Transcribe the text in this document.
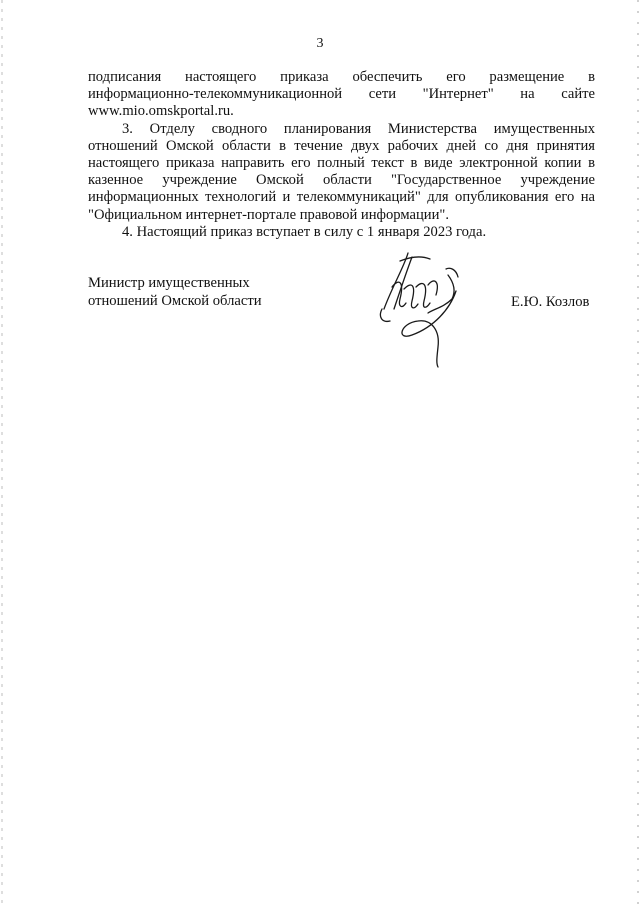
3

подписания настоящего приказа обеспечить его размещение в

информационно-телекоммуникационной сети "Интернет" на сайте

www.mio.omskportal.ru.

3. Отделу сводного планирования Министерства имущественных

отношений Омской области в течение двух рабочих дней со дня принятия

настоящего приказа направить его полный текст в виде электронной копии в

казенное учреждение Омской области "Государственное учреждение

информационных технологий и телекоммуникаций" для опубликования его на

"Официальном интернет-портале правовой информации".

4. Настоящий приказ вступает в силу с 1 января 2023 года.

Министр имущественных
отношений Омской области	Е.Ю. Козлов
